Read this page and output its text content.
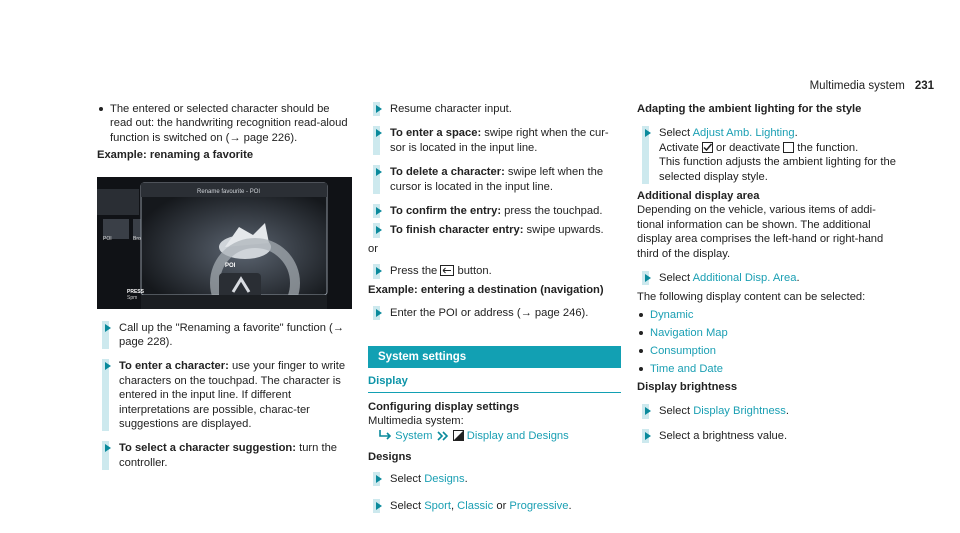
Multimedia system 231
The entered or selected character should be read out: the handwriting recognition read-aloud function is switched on (→ page 226).
Example: renaming a favorite
Rename favourite - POI
POI	Bro
POI
PRESS
Spm
Call up the "Renaming a favorite" function (→ page 228).
To enter a character: use your finger to write characters on the touchpad. The character is entered in the input line. If different interpretations are possible, charac-ter suggestions are displayed.
To select a character suggestion: turn the controller.
Resume character input.
To enter a space: swipe right when the cur-sor is located in the input line.
To delete a character: swipe left when the cursor is located in the input line.
To confirm the entry: press the touchpad.
To finish character entry: swipe upwards.
or
Press the  button.
Example: entering a destination (navigation)
Enter the POI or address (→ page 246).
System settings
Display
Configuring display settings
Multimedia system:
System	Display and Designs
Designs
Select Designs.
Select Sport, Classic or Progressive.
Adapting the ambient lighting for the style
Select Adjust Amb. Lighting.
Activate  or deactivate  the function.
This function adjusts the ambient lighting for the selected display style.
Additional display area
Depending on the vehicle, various items of addi-tional information can be shown. The additional display area comprises the left-hand or right-hand third of the display.
Select Additional Disp. Area.
The following display content can be selected:
Dynamic
Navigation Map
Consumption
Time and Date
Display brightness
Select Display Brightness.
Select a brightness value.
